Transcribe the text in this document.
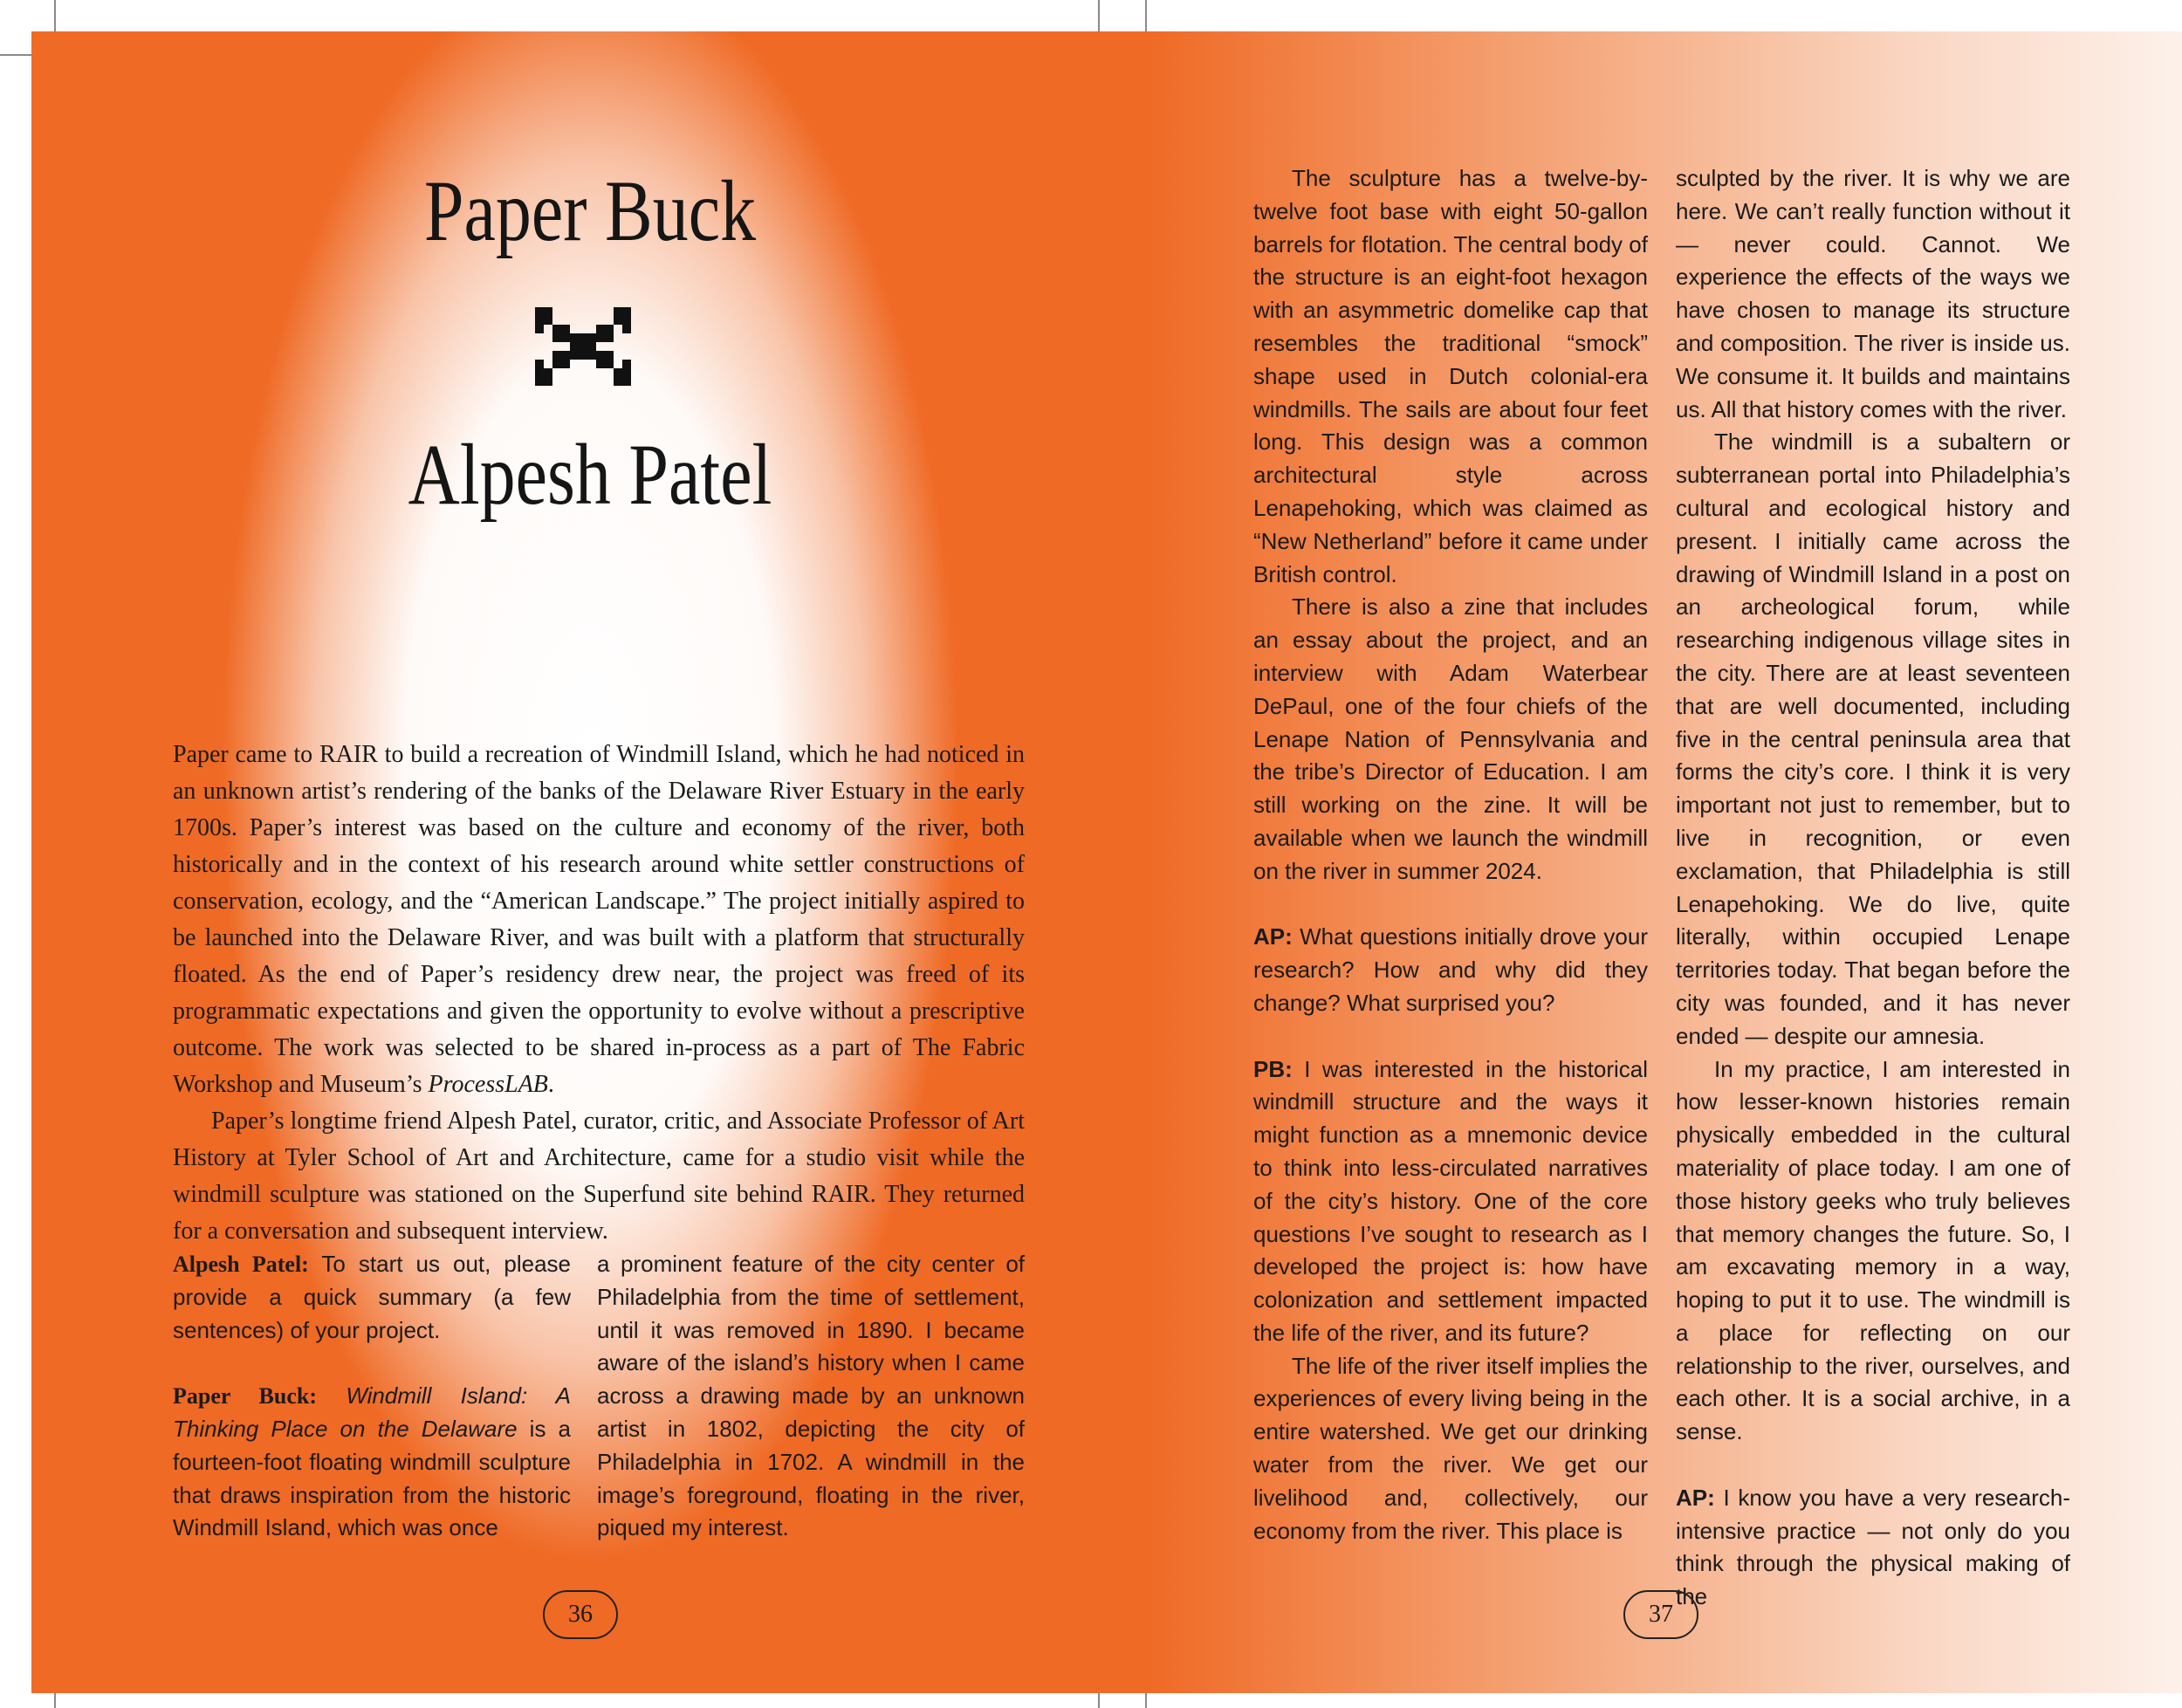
Paper Buck
Alpesh Patel

Paper came to RAIR to build a recreation of Windmill Island, which he had noticed in an unknown artist’s rendering of the banks of the Delaware River Estuary in the early 1700s. Paper’s interest was based on the culture and economy of the river, both historically and in the context of his research around white settler constructions of conservation, ecology, and the “American Landscape.” The project initially aspired to be launched into the Delaware River, and was built with a platform that structurally floated. As the end of Paper’s residency drew near, the project was freed of its programmatic expectations and given the opportunity to evolve without a prescriptive outcome. The work was selected to be shared in-process as a part of The Fabric Workshop and Museum’s ProcessLAB.

Paper’s longtime friend Alpesh Patel, curator, critic, and Associate Professor of Art History at Tyler School of Art and Architecture, came for a studio visit while the windmill sculpture was stationed on the Superfund site behind RAIR. They returned for a conversation and subsequent interview.

Alpesh Patel: To start us out, please provide a quick summary (a few sentences) of your project.

Paper Buck: Windmill Island: A Thinking Place on the Delaware is a fourteen-foot floating windmill sculpture that draws inspiration from the historic Windmill Island, which was once

a prominent feature of the city center of Philadelphia from the time of settlement, until it was removed in 1890. I became aware of the island’s history when I came across a drawing made by an unknown artist in 1802, depicting the city of Philadelphia in 1702. A windmill in the image’s foreground, floating in the river, piqued my interest.

36

The sculpture has a twelve-by-twelve foot base with eight 50-gallon barrels for flotation. The central body of the structure is an eight-foot hexagon with an asymmetric domelike cap that resembles the traditional “smock” shape used in Dutch colonial-era windmills. The sails are about four feet long. This design was a common architectural style across Lenapehoking, which was claimed as “New Netherland” before it came under British control.

There is also a zine that includes an essay about the project, and an interview with Adam Waterbear DePaul, one of the four chiefs of the Lenape Nation of Pennsylvania and the tribe’s Director of Education. I am still working on the zine. It will be available when we launch the windmill on the river in summer 2024.

AP: What questions initially drove your research? How and why did they change? What surprised you?

PB: I was interested in the historical windmill structure and the ways it might function as a mnemonic device to think into less-circulated narratives of the city’s history. One of the core questions I’ve sought to research as I developed the project is: how have colonization and settlement impacted the life of the river, and its future?

The life of the river itself implies the experiences of every living being in the entire watershed. We get our drinking water from the river. We get our livelihood and, collectively, our economy from the river. This place is

sculpted by the river. It is why we are here. We can’t really function without it — never could. Cannot. We experience the effects of the ways we have chosen to manage its structure and composition. The river is inside us. We consume it. It builds and maintains us. All that history comes with the river.

The windmill is a subaltern or subterranean portal into Philadelphia’s cultural and ecological history and present. I initially came across the drawing of Windmill Island in a post on an archeological forum, while researching indigenous village sites in the city. There are at least seventeen that are well documented, including five in the central peninsula area that forms the city’s core. I think it is very important not just to remember, but to live in recognition, or even exclamation, that Philadelphia is still Lenapehoking. We do live, quite literally, within occupied Lenape territories today. That began before the city was founded, and it has never ended — despite our amnesia.

In my practice, I am interested in how lesser-known histories remain physically embedded in the cultural materiality of place today. I am one of those history geeks who truly believes that memory changes the future. So, I am excavating memory in a way, hoping to put it to use. The windmill is a place for reflecting on our relationship to the river, ourselves, and each other. It is a social archive, in a sense.

AP: I know you have a very research-intensive practice — not only do you think through the physical making of the

37
